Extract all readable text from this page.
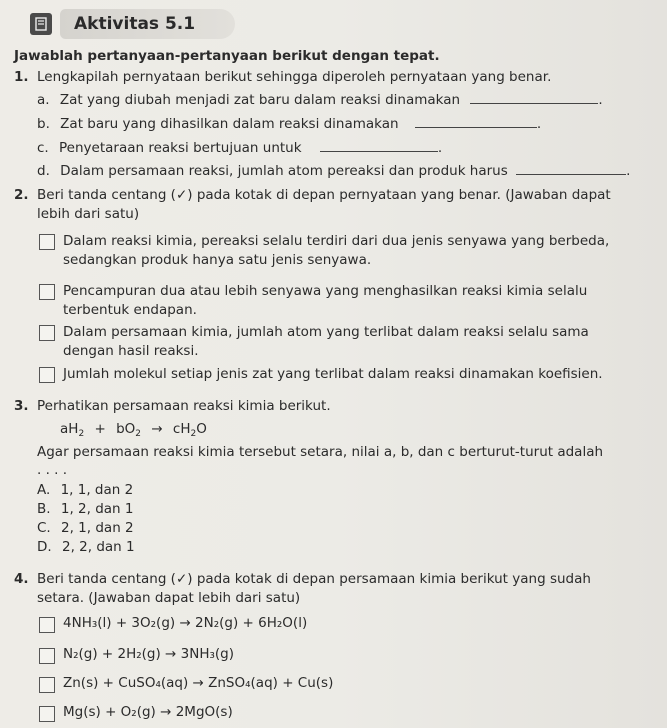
Aktivitas 5.1
Jawablah pertanyaan-pertanyaan berikut dengan tepat.
1. Lengkapilah pernyataan berikut sehingga diperoleh pernyataan yang benar.
a. Zat yang diubah menjadi zat baru dalam reaksi dinamakan	.
b. Zat baru yang dihasilkan dalam reaksi dinamakan	.
c. Penyetaraan reaksi bertujuan untuk	.
d. Dalam persamaan reaksi, jumlah atom pereaksi dan produk harus	.
2. Beri tanda centang (✓) pada kotak di depan pernyataan yang benar. (Jawaban dapat
lebih dari satu)
Dalam reaksi kimia, pereaksi selalu terdiri dari dua jenis senyawa yang berbeda,
sedangkan produk hanya satu jenis senyawa.
Pencampuran dua atau lebih senyawa yang menghasilkan reaksi kimia selalu
terbentuk endapan.
Dalam persamaan kimia, jumlah atom yang terlibat dalam reaksi selalu sama
dengan hasil reaksi.
Jumlah molekul setiap jenis zat yang terlibat dalam reaksi dinamakan koefisien.
3. Perhatikan persamaan reaksi kimia berikut.
$aH_2 + bO_2 \to cH_2O$
Agar persamaan reaksi kimia tersebut setara, nilai a, b, dan c berturut-turut adalah
. . . .
A. 1, 1, dan 2
B. 1, 2, dan 1
C. 2, 1, dan 2
D. 2, 2, dan 1
4. Beri tanda centang (✓) pada kotak di depan persamaan kimia berikut yang sudah
setara. (Jawaban dapat lebih dari satu)
4NH₃(l) + 3O₂(g) → 2N₂(g) + 6H₂O(l)
N₂(g) + 2H₂(g) → 3NH₃(g)
Zn(s) + CuSO₄(aq) → ZnSO₄(aq) + Cu(s)
Mg(s) + O₂(g) → 2MgO(s)
